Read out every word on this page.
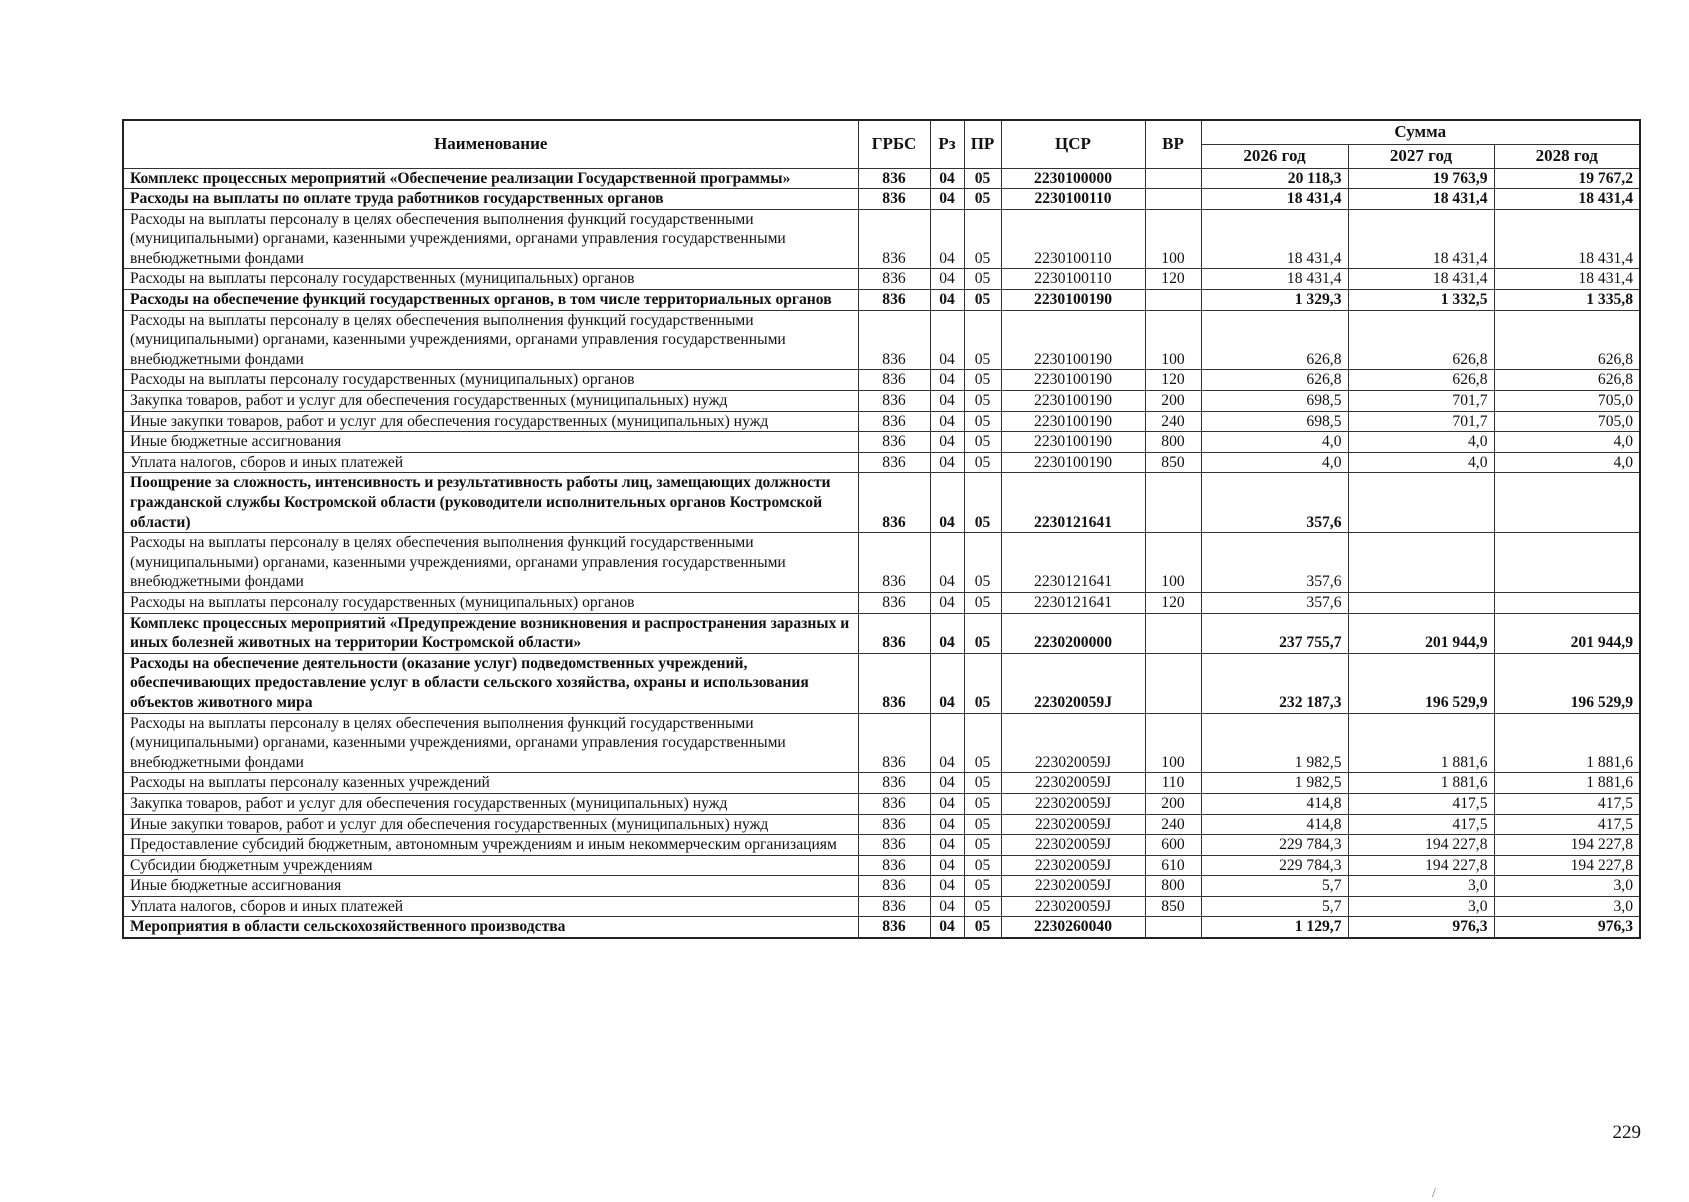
Наименование	ГРБС	Рз	ПР	ЦСР	ВР	Сумма		
						2026 год	2027 год	2028 год
Комплекс процессных мероприятий «Обеспечение реализации Государственной программы»	836	04	05	2230100000		20 118,3	19 763,9	19 767,2
Расходы на выплаты по оплате труда работников государственных органов	836	04	05	2230100110		18 431,4	18 431,4	18 431,4
Расходы на выплаты персоналу в целях обеспечения выполнения функций государственными (муниципальными) органами, казенными учреждениями, органами управления государственными внебюджетными фондами	836	04	05	2230100110	100	18 431,4	18 431,4	18 431,4
Расходы на выплаты персоналу государственных (муниципальных) органов	836	04	05	2230100110	120	18 431,4	18 431,4	18 431,4
Расходы на обеспечение функций государственных органов, в том числе территориальных органов	836	04	05	2230100190		1 329,3	1 332,5	1 335,8
Расходы на выплаты персоналу в целях обеспечения выполнения функций государственными (муниципальными) органами, казенными учреждениями, органами управления государственными внебюджетными фондами	836	04	05	2230100190	100	626,8	626,8	626,8
Расходы на выплаты персоналу государственных (муниципальных) органов	836	04	05	2230100190	120	626,8	626,8	626,8
Закупка товаров, работ и услуг для обеспечения государственных (муниципальных) нужд	836	04	05	2230100190	200	698,5	701,7	705,0
Иные закупки товаров, работ и услуг для обеспечения государственных (муниципальных) нужд	836	04	05	2230100190	240	698,5	701,7	705,0
Иные бюджетные ассигнования	836	04	05	2230100190	800	4,0	4,0	4,0
Уплата налогов, сборов и иных платежей	836	04	05	2230100190	850	4,0	4,0	4,0
Поощрение за сложность, интенсивность и результативность работы лиц, замещающих должности гражданской службы Костромской области (руководители исполнительных органов Костромской области)	836	04	05	2230121641		357,6		
Расходы на выплаты персоналу в целях обеспечения выполнения функций государственными (муниципальными) органами, казенными учреждениями, органами управления государственными внебюджетными фондами	836	04	05	2230121641	100	357,6		
Расходы на выплаты персоналу государственных (муниципальных) органов	836	04	05	2230121641	120	357,6		
Комплекс процессных мероприятий «Предупреждение возникновения и распространения заразных и иных болезней животных на территории Костромской области»	836	04	05	2230200000		237 755,7	201 944,9	201 944,9
Расходы на обеспечение деятельности (оказание услуг) подведомственных учреждений, обеспечивающих предоставление услуг в области сельского хозяйства, охраны и использования объектов животного мира	836	04	05	223020059J		232 187,3	196 529,9	196 529,9
Расходы на выплаты персоналу в целях обеспечения выполнения функций государственными (муниципальными) органами, казенными учреждениями, органами управления государственными внебюджетными фондами	836	04	05	223020059J	100	1 982,5	1 881,6	1 881,6
Расходы на выплаты персоналу казенных учреждений	836	04	05	223020059J	110	1 982,5	1 881,6	1 881,6
Закупка товаров, работ и услуг для обеспечения государственных (муниципальных) нужд	836	04	05	223020059J	200	414,8	417,5	417,5
Иные закупки товаров, работ и услуг для обеспечения государственных (муниципальных) нужд	836	04	05	223020059J	240	414,8	417,5	417,5
Предоставление субсидий бюджетным, автономным учреждениям и иным некоммерческим организациям	836	04	05	223020059J	600	229 784,3	194 227,8	194 227,8
Субсидии бюджетным учреждениям	836	04	05	223020059J	610	229 784,3	194 227,8	194 227,8
Иные бюджетные ассигнования	836	04	05	223020059J	800	5,7	3,0	3,0
Уплата налогов, сборов и иных платежей	836	04	05	223020059J	850	5,7	3,0	3,0
Мероприятия в области сельскохозяйственного производства	836	04	05	2230260040		1 129,7	976,3	976,3
229
/
